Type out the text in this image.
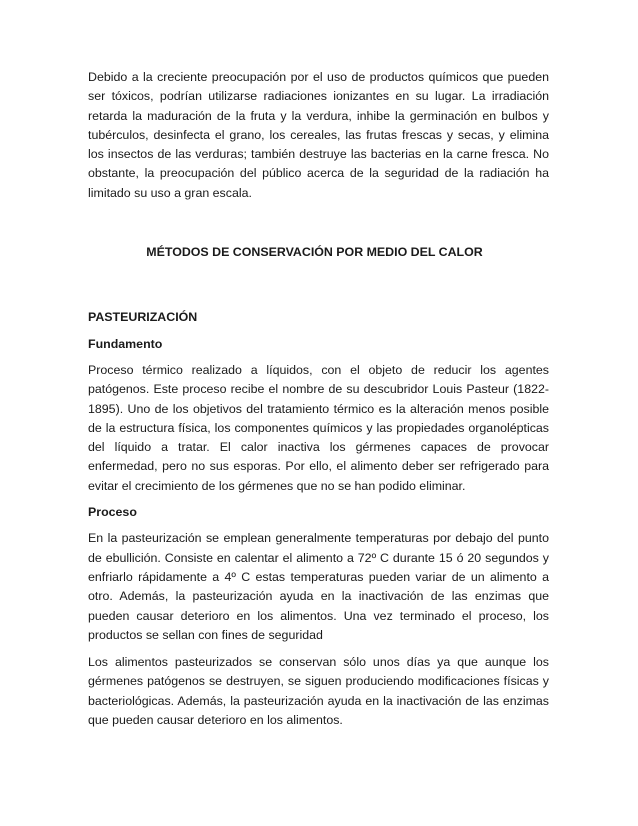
Debido a la creciente preocupación por el uso de productos químicos que pueden ser tóxicos, podrían utilizarse radiaciones ionizantes en su lugar. La irradiación retarda la maduración de la fruta y la verdura, inhibe la germinación en bulbos y tubérculos, desinfecta el grano, los cereales, las frutas frescas y secas, y elimina los insectos de las verduras; también destruye las bacterias en la carne fresca. No obstante, la preocupación del público acerca de la seguridad de la radiación ha limitado su uso a gran escala.

MÉTODOS DE CONSERVACIÓN POR MEDIO DEL CALOR

PASTEURIZACIÓN

Fundamento

Proceso térmico realizado a líquidos, con el objeto de reducir los agentes patógenos. Este proceso recibe el nombre de su descubridor Louis Pasteur (1822-1895). Uno de los objetivos del tratamiento térmico es la alteración menos posible de la estructura física, los componentes químicos y las propiedades organolépticas del líquido a tratar. El calor inactiva los gérmenes capaces de provocar enfermedad, pero no sus esporas. Por ello, el alimento deber ser refrigerado para evitar el crecimiento de los gérmenes que no se han podido eliminar.

Proceso

En la pasteurización se emplean generalmente temperaturas por debajo del punto de ebullición. Consiste en calentar el alimento a 72º C durante 15 ó 20 segundos y enfriarlo rápidamente a 4º C estas temperaturas pueden variar de un alimento a otro. Además, la pasteurización ayuda en la inactivación de las enzimas que pueden causar deterioro en los alimentos. Una vez terminado el proceso, los productos se sellan con fines de seguridad

Los alimentos pasteurizados se conservan sólo unos días ya que aunque los gérmenes patógenos se destruyen, se siguen produciendo modificaciones físicas y bacteriológicas. Además, la pasteurización ayuda en la inactivación de las enzimas que pueden causar deterioro en los alimentos.
